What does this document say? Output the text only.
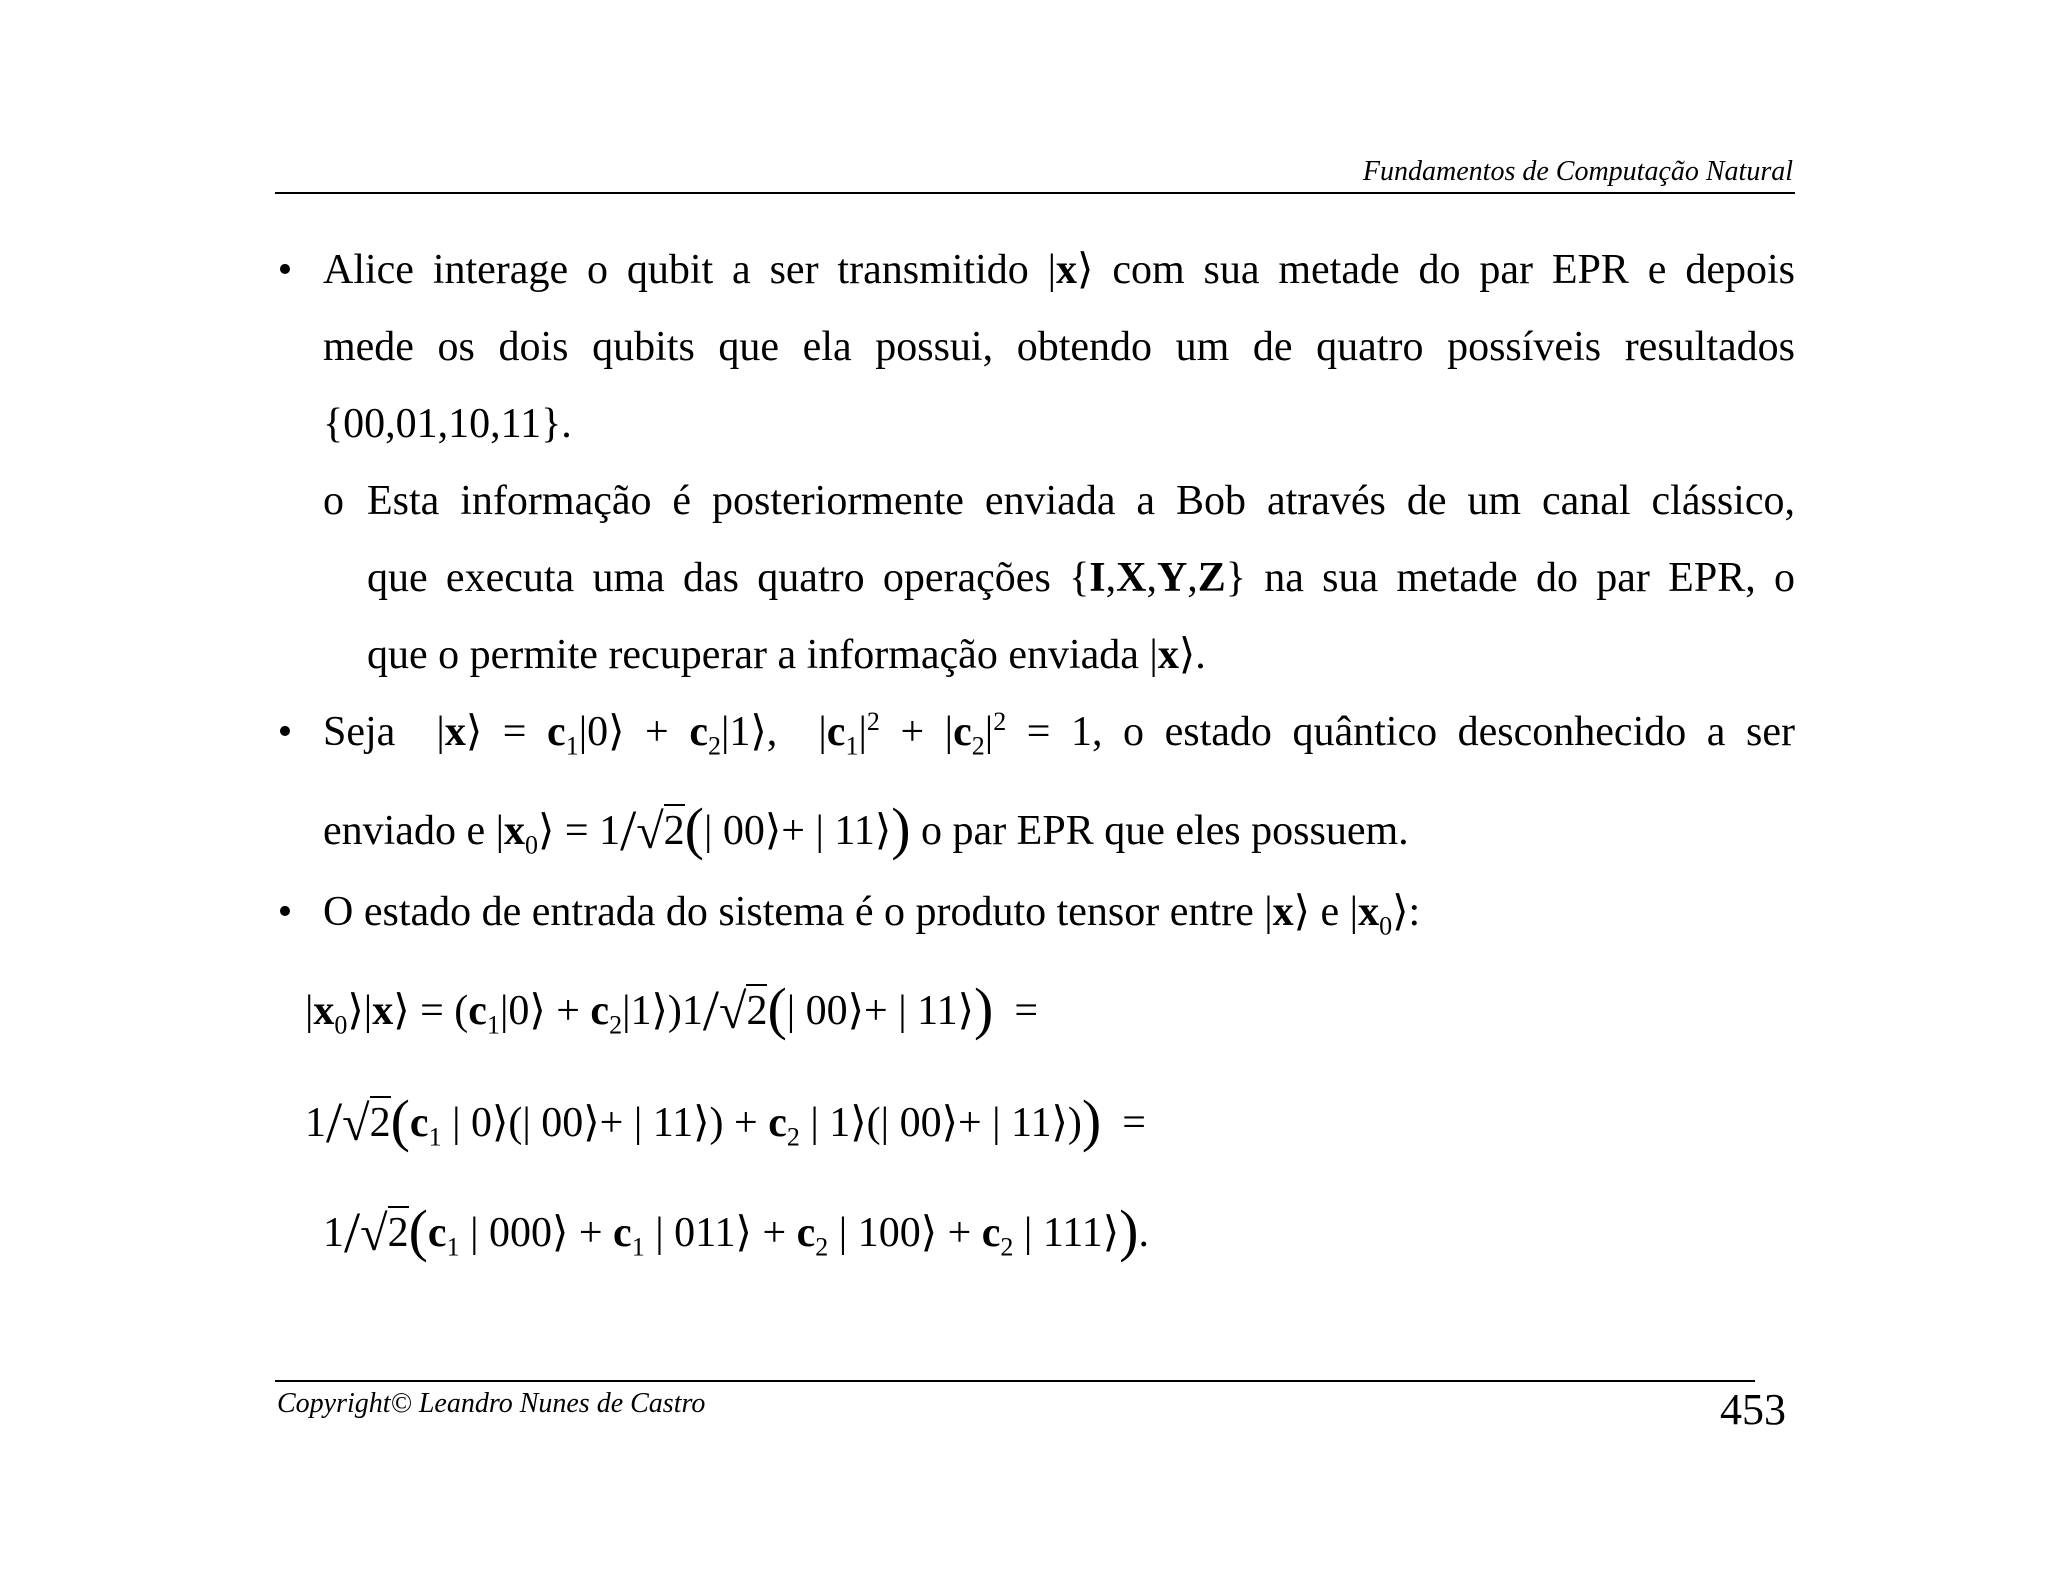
Fundamentos de Computação Natural
• Alice interage o qubit a ser transmitido |x⟩ com sua metade do par EPR e depois
mede os dois qubits que ela possui, obtendo um de quatro possíveis resultados
{00,01,10,11}.
o Esta informação é posteriormente enviada a Bob através de um canal clássico,
que executa uma das quatro operações {I,X,Y,Z} na sua metade do par EPR, o
que o permite recuperar a informação enviada |x⟩.
• Seja  |x⟩ = $c_1|0⟩$ + $c_2|1⟩$,  $|c_1|^2 + |c_2|^2 = 1$, o estado quântico desconhecido a ser
enviado e $|x_0⟩ = 1/√2(|$ 00⟩+ | 11⟩) o par EPR que eles possuem.
• O estado de entrada do sistema é o produto tensor entre |x⟩ e $|x_0⟩$:
$|x_0⟩|x⟩$ = ($c_1|0⟩$ + $c_2|1⟩)1/√2(|$ 00⟩+ | 11⟩)  =
$1/√2(c_1$ | 0⟩(| 00⟩+ | 11⟩) + $c_2$ | 1⟩(| 00⟩+ | 11⟩))  =
$1/√2(c_1$ | 000⟩ + $c_1$ | 011⟩ + $c_2$ | 100⟩ + $c_2$ | 111⟩).
Copyright© Leandro Nunes de Castro	453
